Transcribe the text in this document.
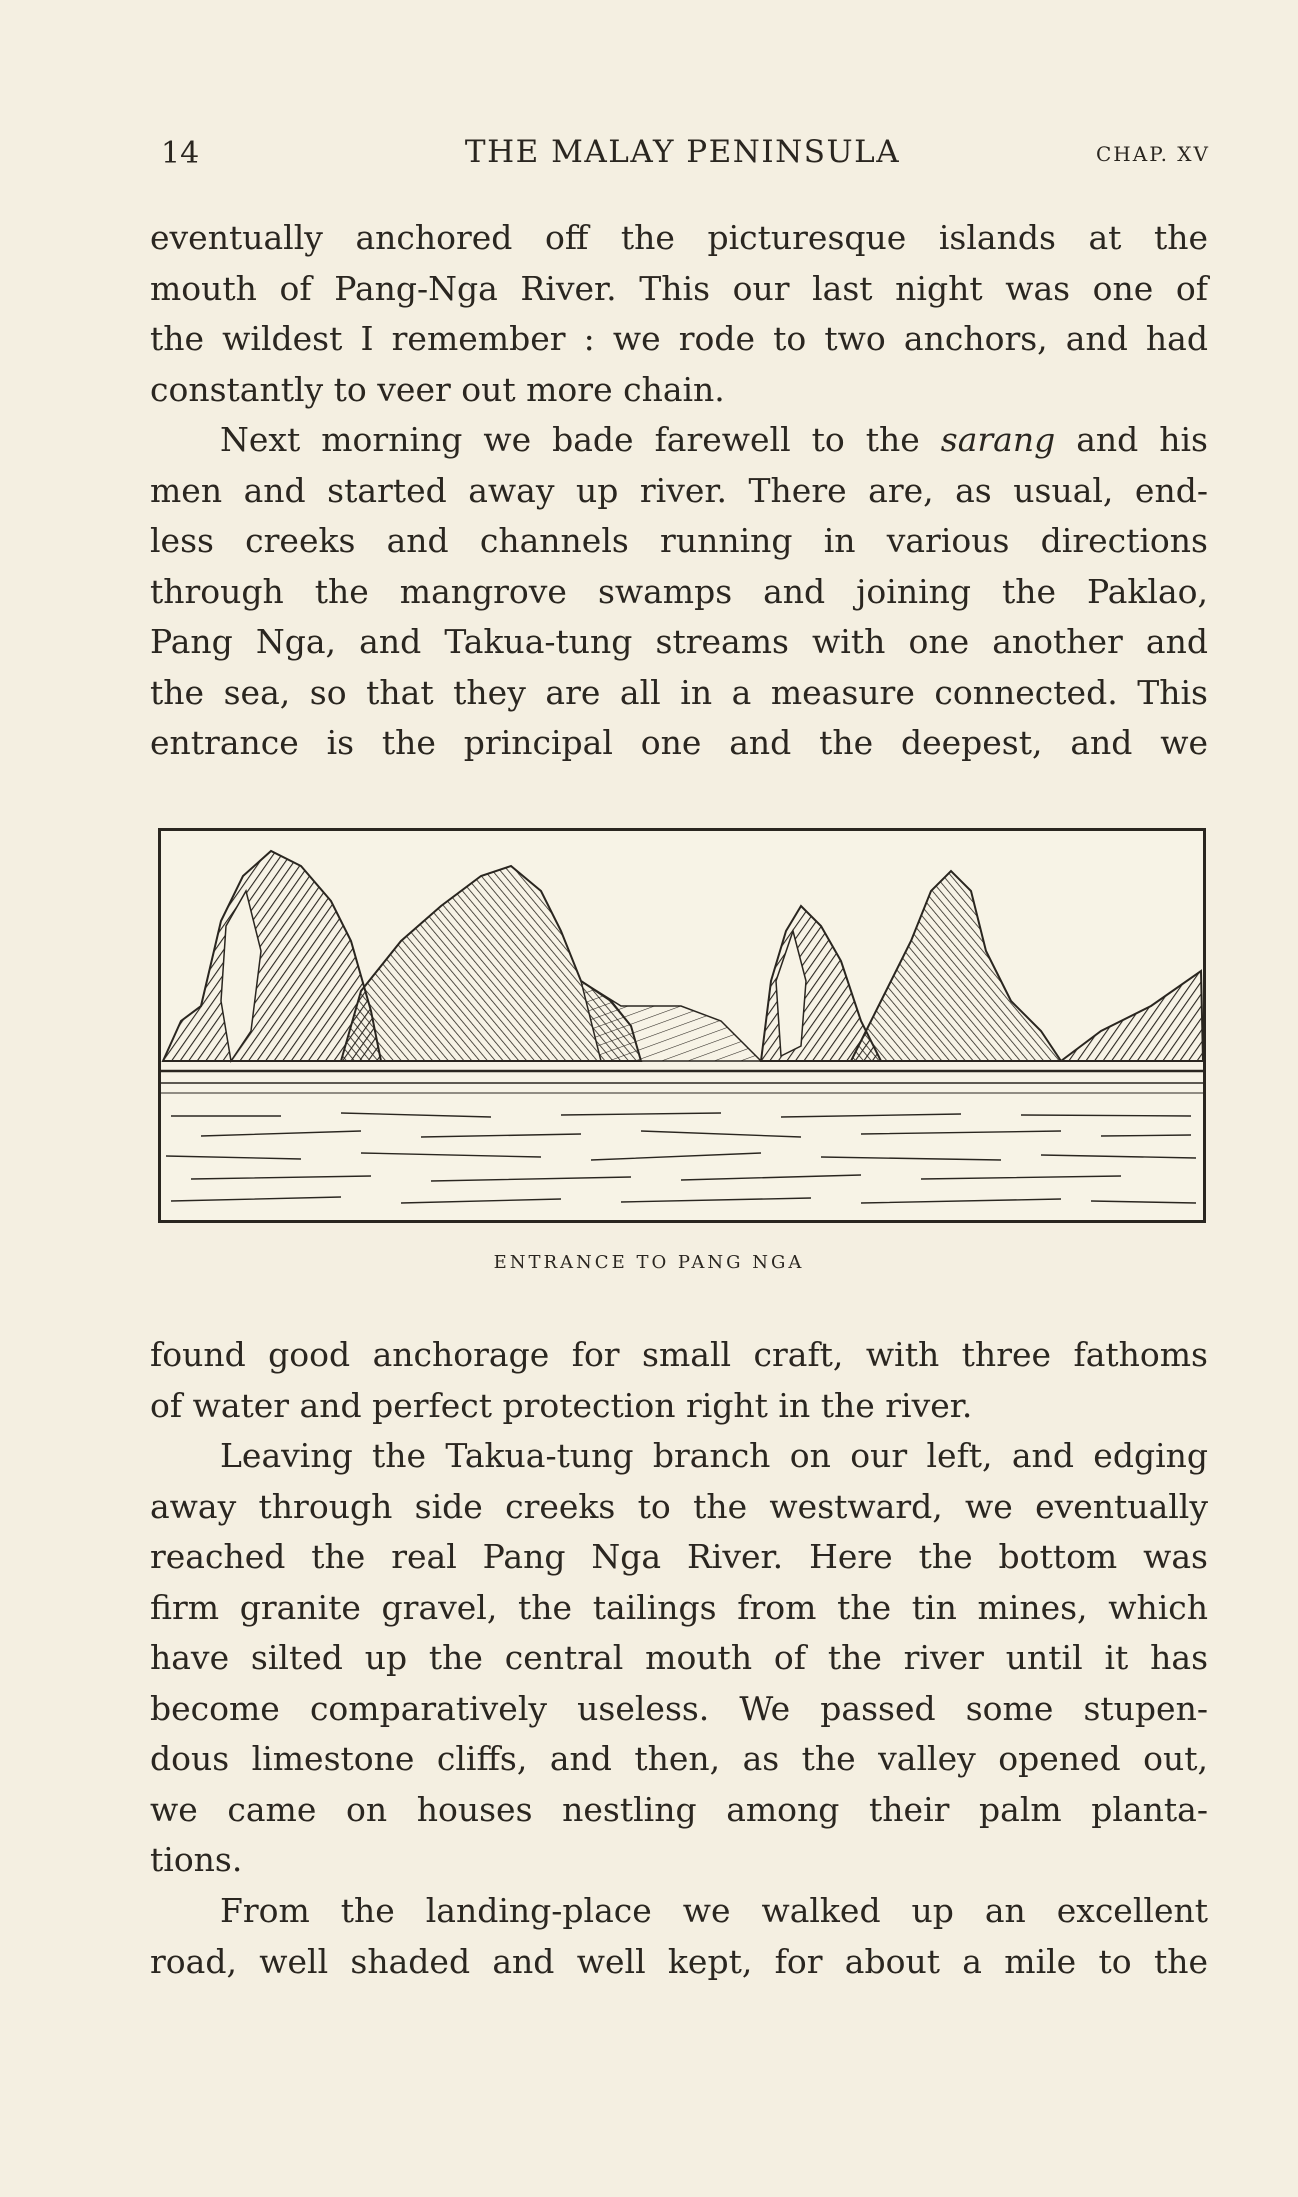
14	THE MALAY PENINSULA	CHAP. XV

eventually anchored off the picturesque islands at the
mouth of Pang-Nga River. This our last night was one of
the wildest I remember : we rode to two anchors, and had
constantly to veer out more chain.

Next morning we bade farewell to the sarang and his
men and started away up river. There are, as usual, end-
less creeks and channels running in various directions
through the mangrove swamps and joining the Paklao,
Pang Nga, and Takua-tung streams with one another and
the sea, so that they are all in a measure connected. This
entrance is the principal one and the deepest, and we

ENTRANCE TO PANG NGA

found good anchorage for small craft, with three fathoms
of water and perfect protection right in the river.

Leaving the Takua-tung branch on our left, and edging
away through side creeks to the westward, we eventually
reached the real Pang Nga River. Here the bottom was
firm granite gravel, the tailings from the tin mines, which
have silted up the central mouth of the river until it has
become comparatively useless. We passed some stupen-
dous limestone cliffs, and then, as the valley opened out,
we came on houses nestling among their palm planta-
tions.

From the landing-place we walked up an excellent
road, well shaded and well kept, for about a mile to the
